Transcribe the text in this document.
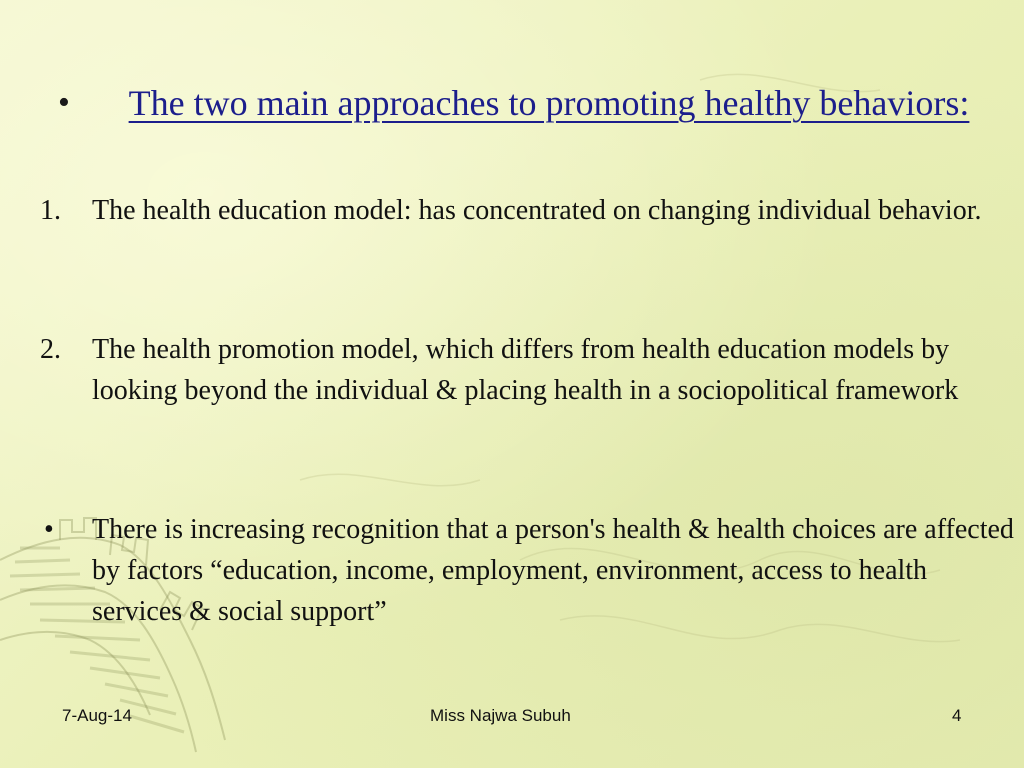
•	The two main approaches to promoting healthy behaviors:
1. The health education model: has concentrated on changing individual behavior.
2. The health promotion model, which differs from health education models by looking beyond the individual & placing health in a sociopolitical framework
• There is increasing recognition that a person's health & health choices are affected by factors “education, income, employment, environment, access to health services & social support”
7-Aug-14	Miss Najwa Subuh	4
